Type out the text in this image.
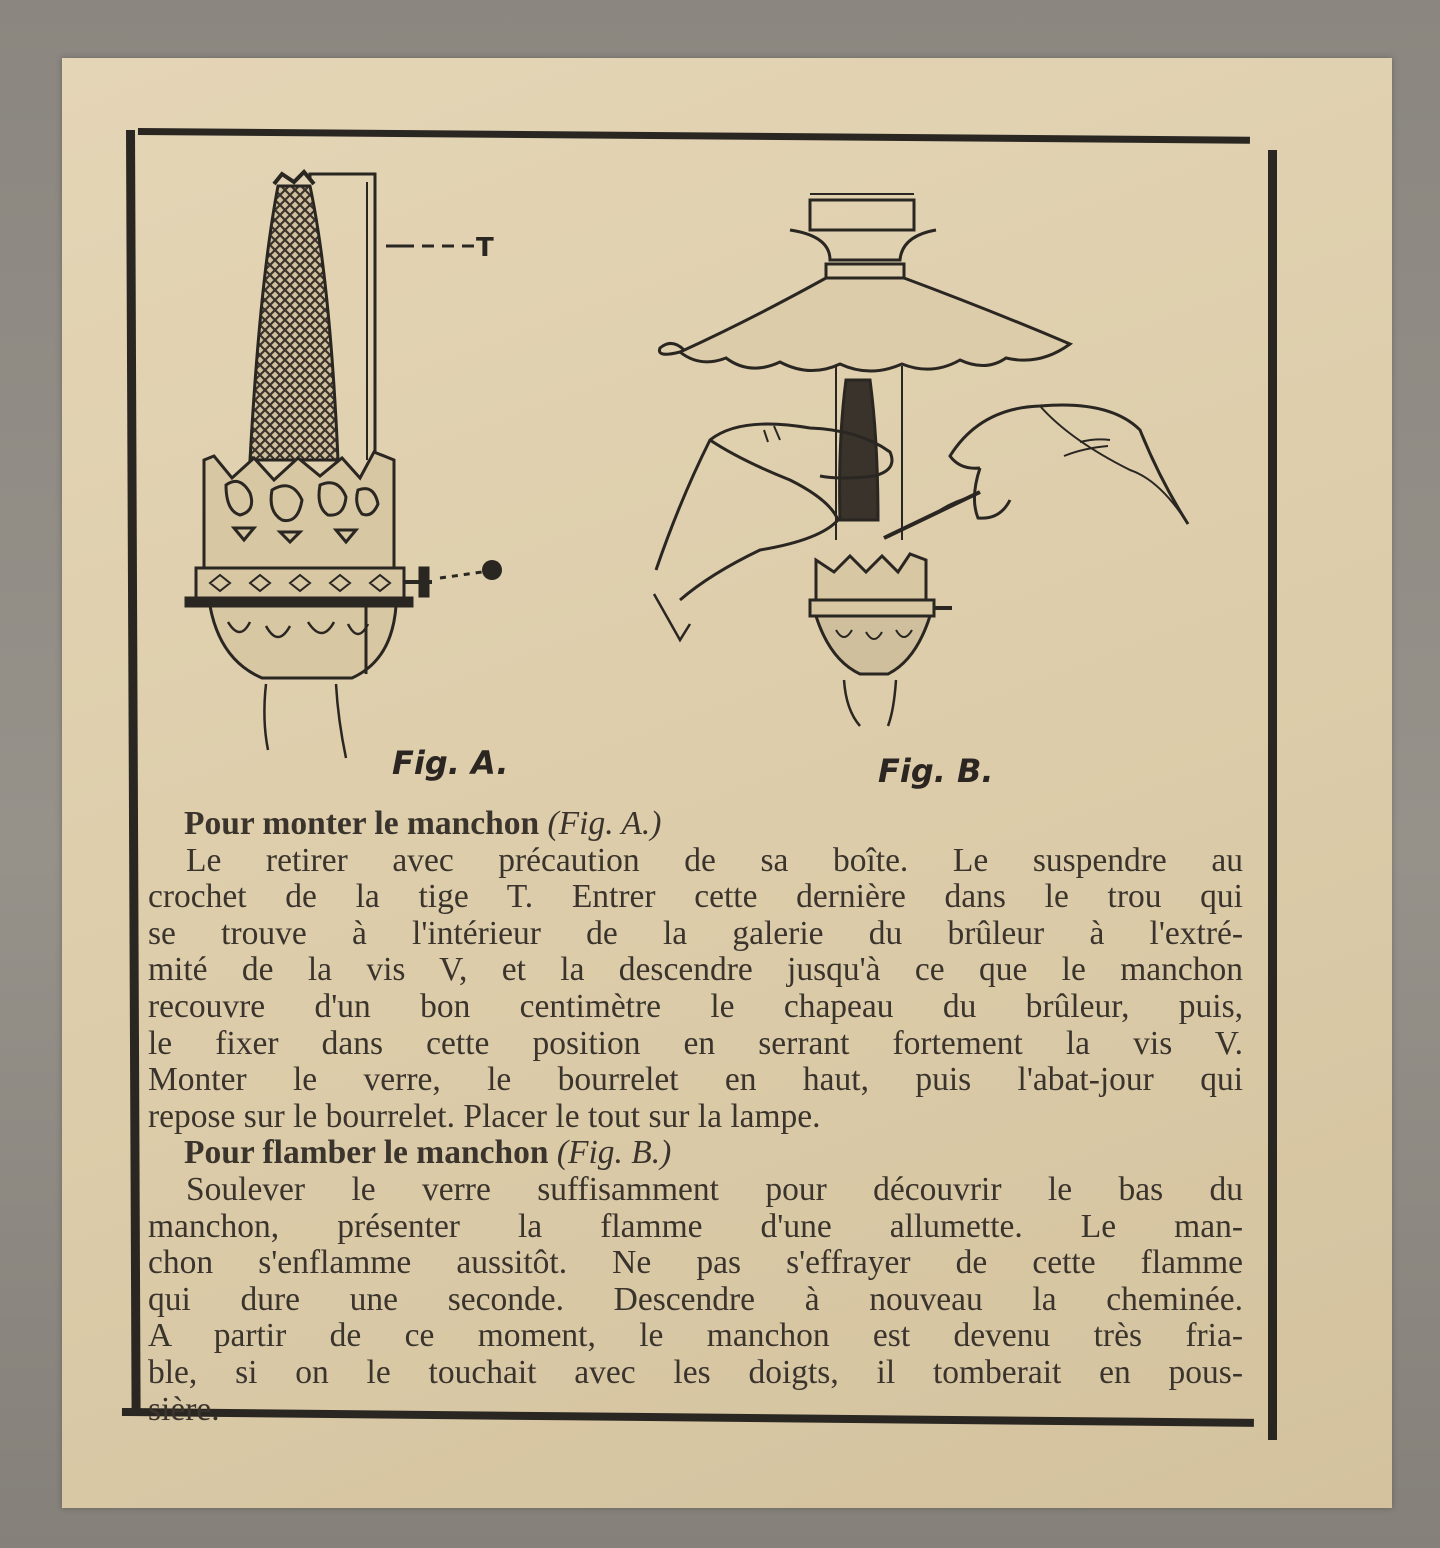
T
Fig. A.	Fig. B.
Pour monter le manchon (Fig. A.)
Le retirer avec précaution de sa boîte. Le suspendre au
crochet de la tige T. Entrer cette dernière dans le trou qui
se trouve à l'intérieur de la galerie du brûleur à l'extré-
mité de la vis V, et la descendre jusqu'à ce que le manchon
recouvre d'un bon centimètre le chapeau du brûleur, puis,
le fixer dans cette position en serrant fortement la vis V.
Monter le verre, le bourrelet en haut, puis l'abat-jour qui
repose sur le bourrelet. Placer le tout sur la lampe.
Pour flamber le manchon (Fig. B.)
Soulever le verre suffisamment pour découvrir le bas du
manchon, présenter la flamme d'une allumette. Le man-
chon s'enflamme aussitôt. Ne pas s'effrayer de cette flamme
qui dure une seconde. Descendre à nouveau la cheminée.
A partir de ce moment, le manchon est devenu très fria-
ble, si on le touchait avec les doigts, il tomberait en pous-
sière.
